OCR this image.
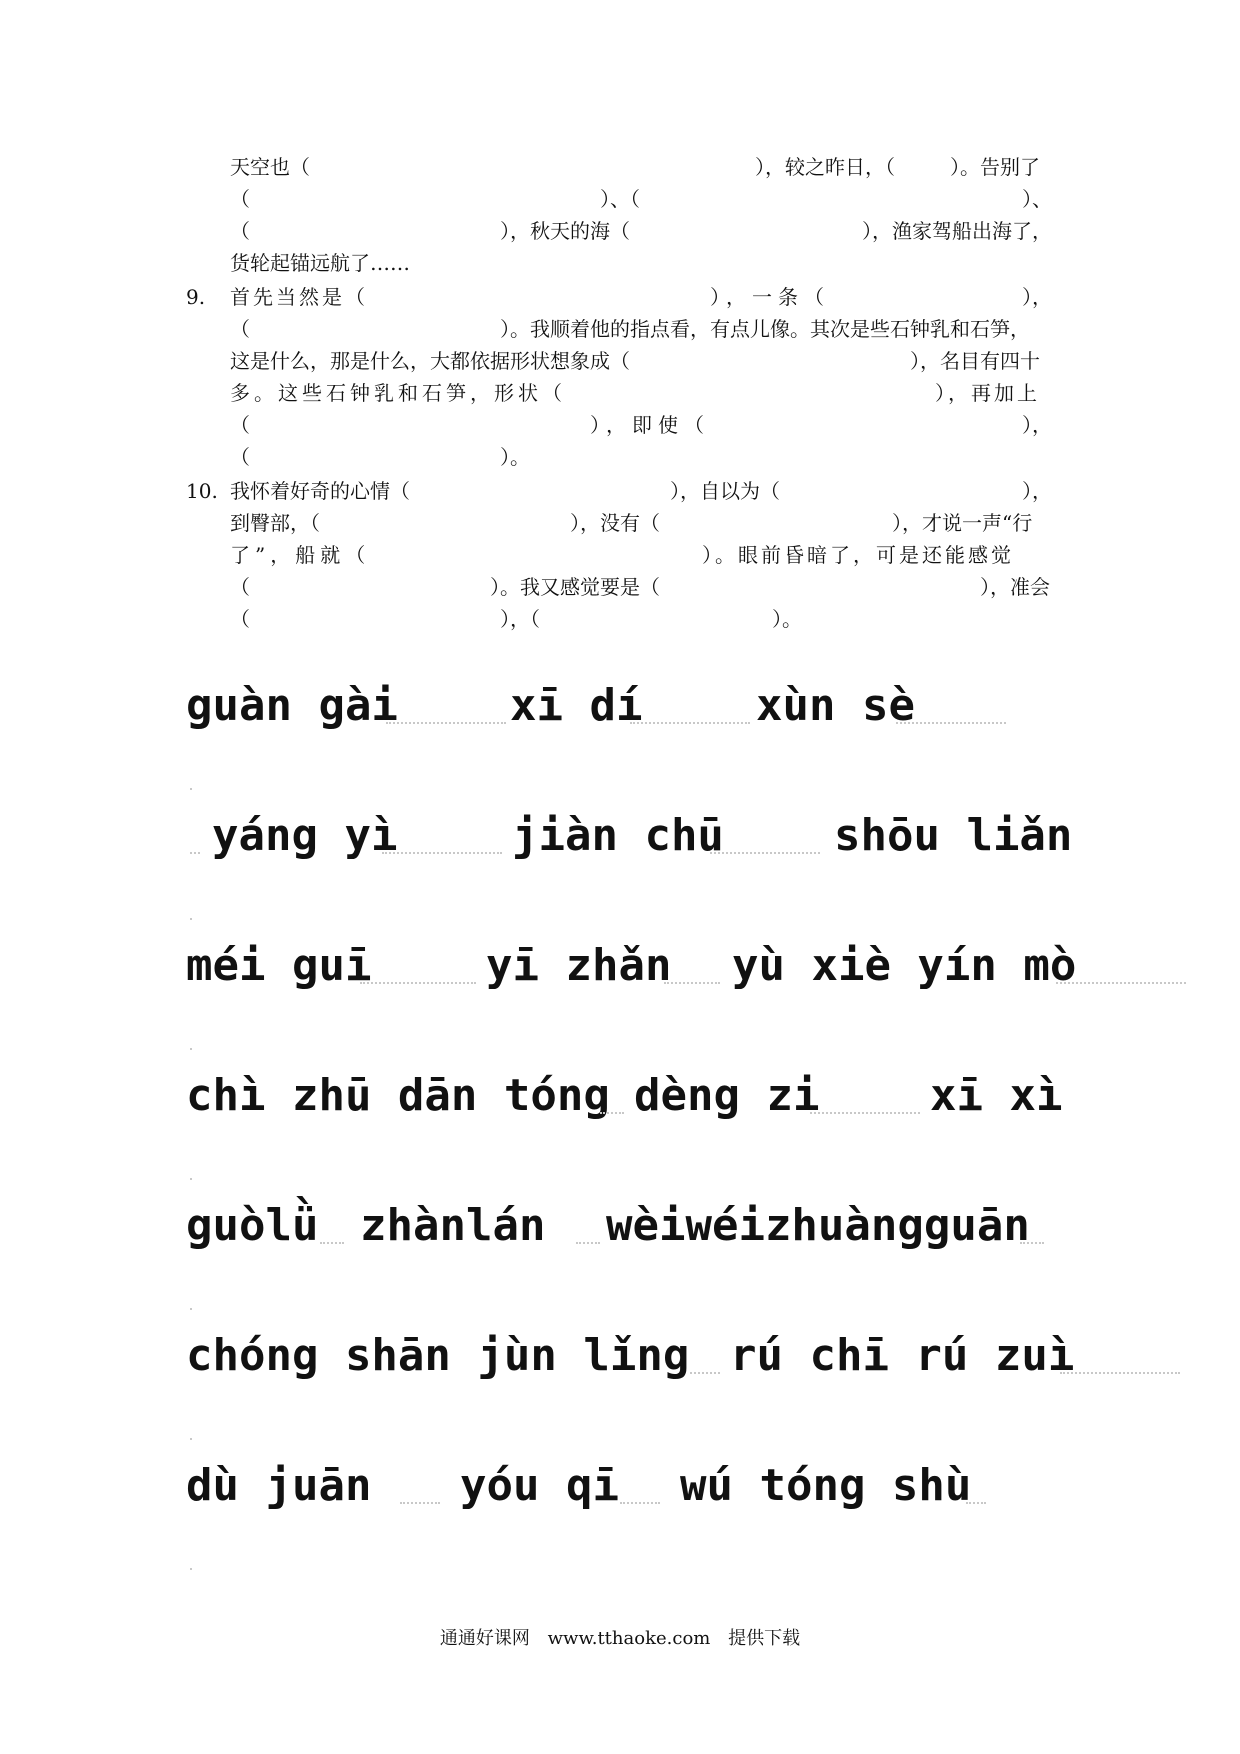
天空也（	），较之昨日，（	）。告别了
（	）、（	）、
（	），秋天的海（	），渔家驾船出海了，
货轮起锚远航了……
9. 首先当然是（	），一条（	），
（	）。我顺着他的指点看，有点儿像。其次是些石钟乳和石笋，
这是什么，那是什么，大都依据形状想象成（	），名目有四十
多。这些石钟乳和石笋，形状（	），再加上
（	），即使（	），
（	）。
10. 我怀着好奇的心情（	），自以为（	），
到臀部，（	），没有（	），才说一声“行
了”，船就（	）。眼前昏暗了，可是还能感觉
（	）。我又感觉要是（	），准会
（	），（	）。
guàn gài	xī dí	xùn sè
yáng yì	jiàn chū	shōu liǎn
méi guī	yī zhǎn yù xiè yín mò
chì zhū dān tóng dèng zi	xī xì
guòlǜ zhànlán wèiwéizhuàngguān
chóng shān jùn lǐng rú chī rú zuì
dù juān yóu qī wú tóng shù
通通好课网 www.tthaoke.com 提供下载
